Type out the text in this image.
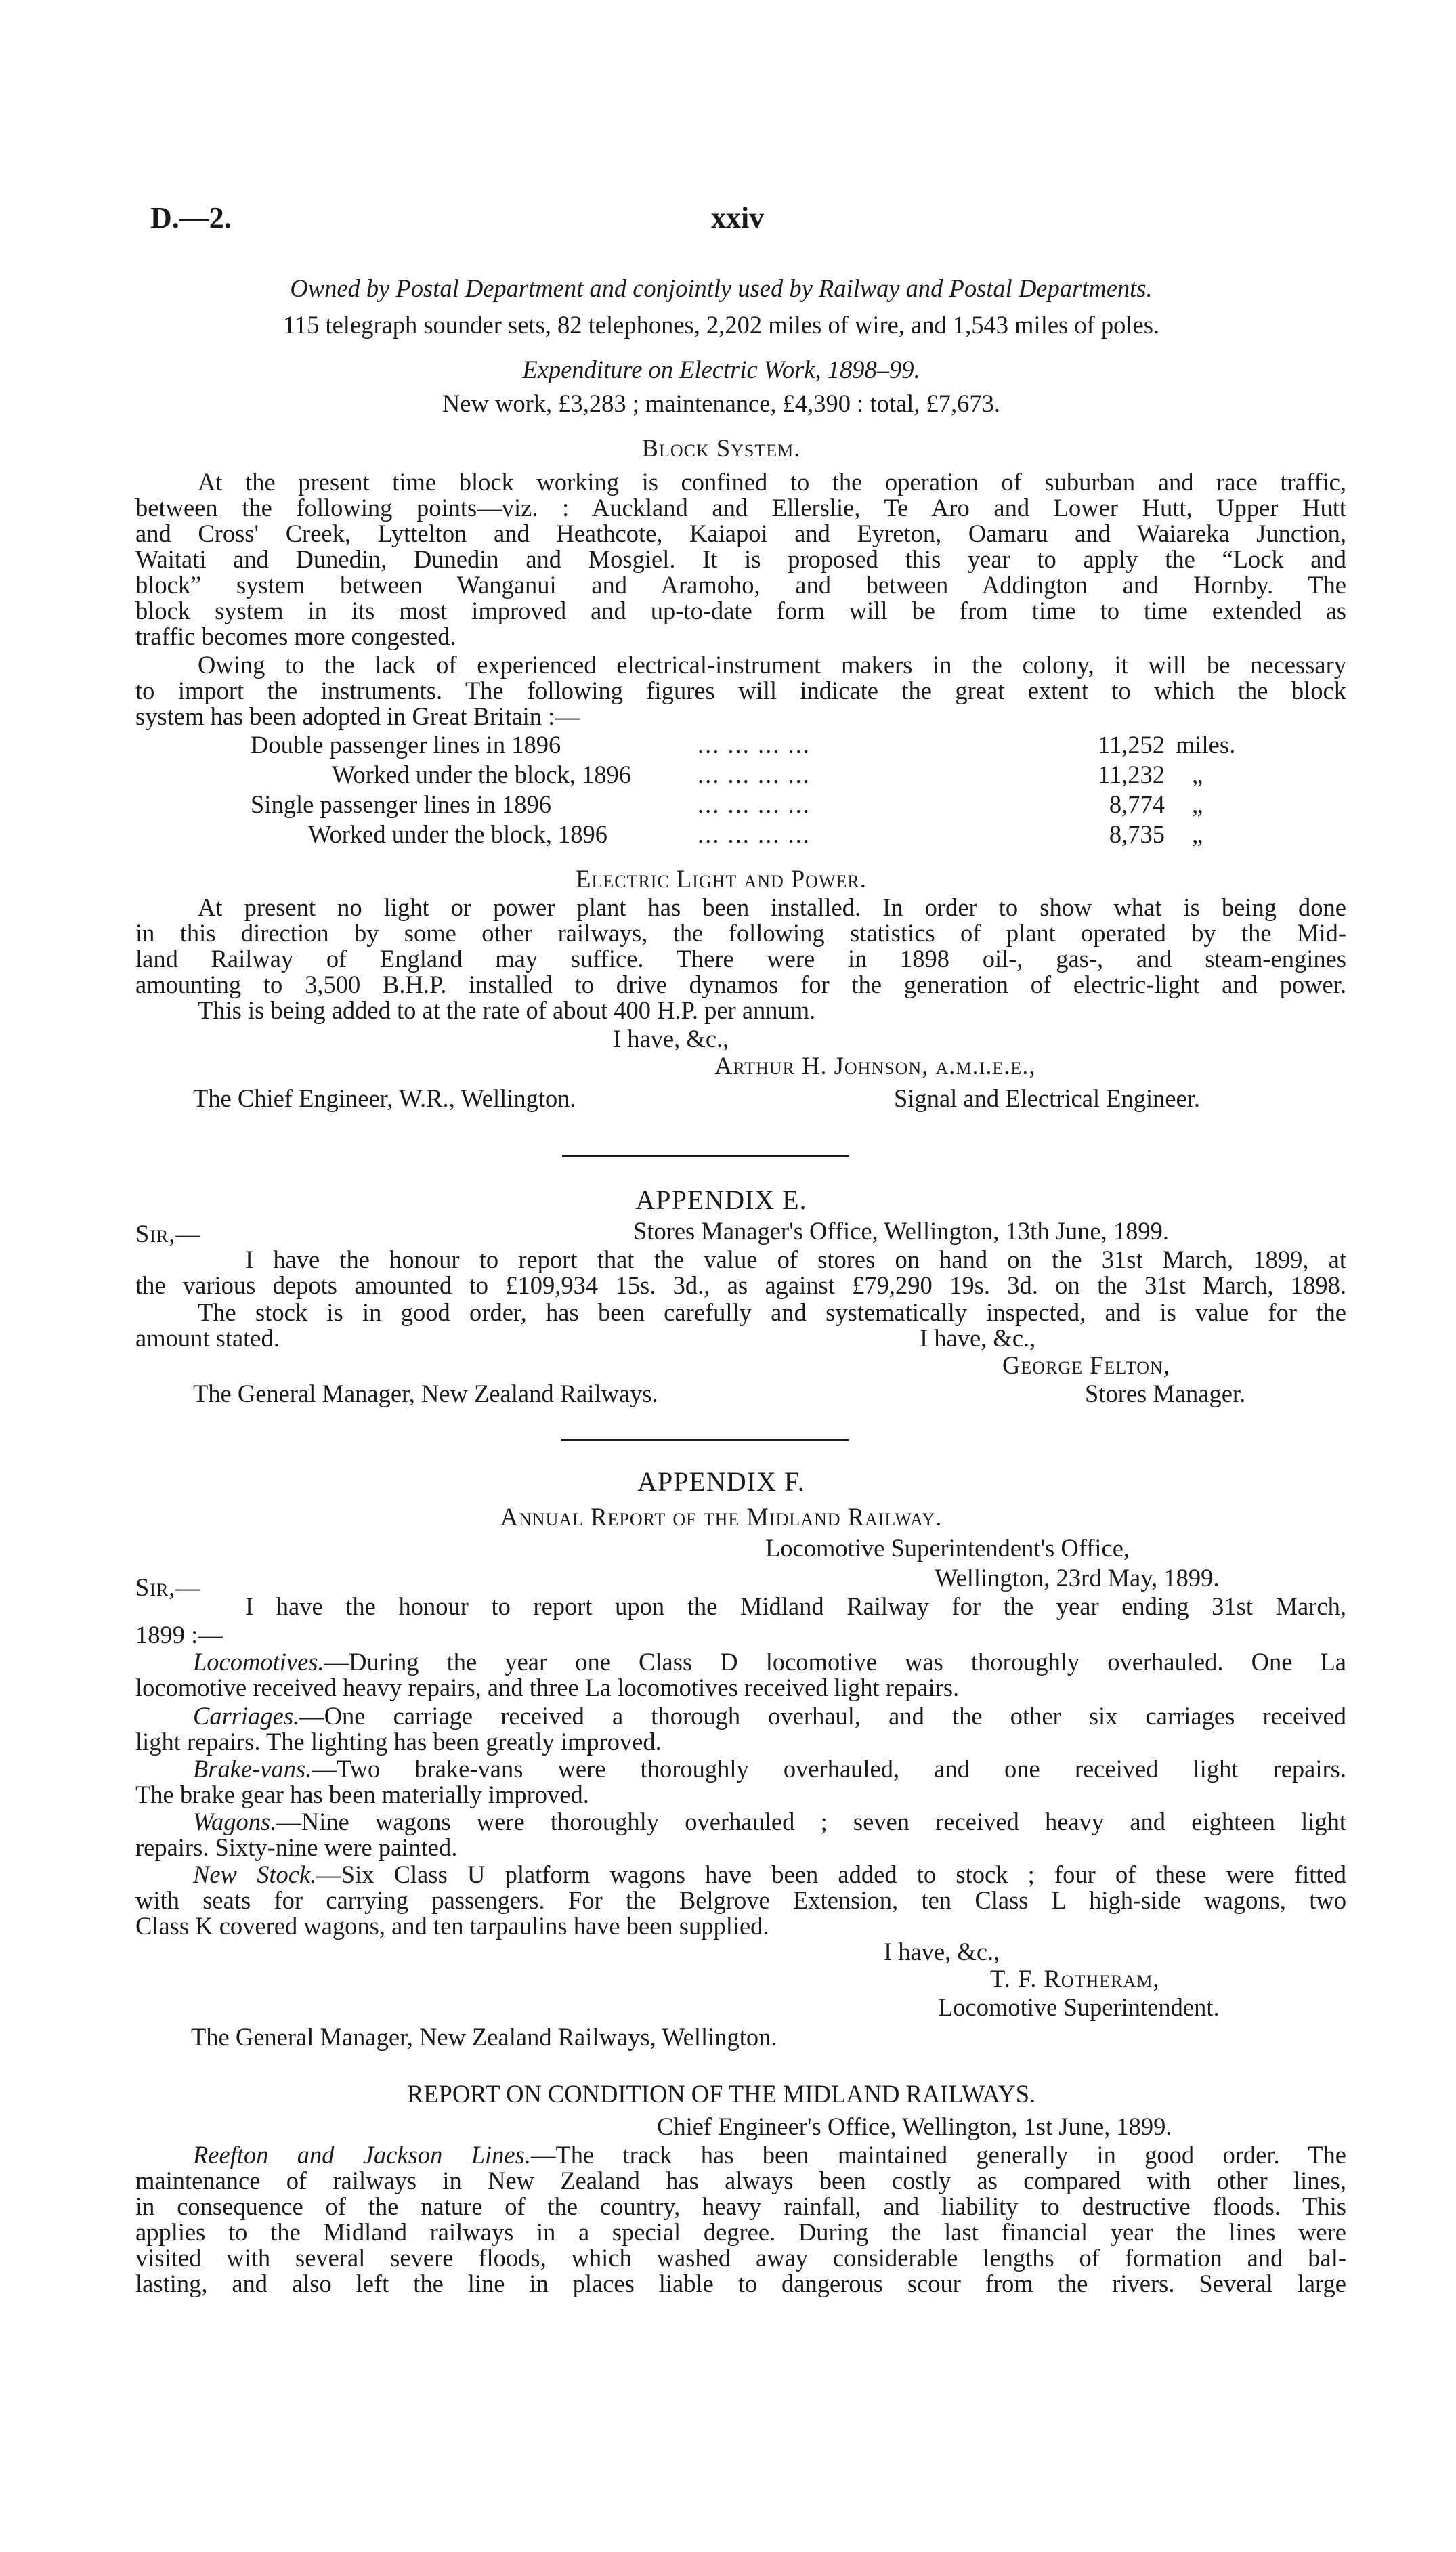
D.—2.	xxiv
Owned by Postal Department and conjointly used by Railway and Postal Departments.
115 telegraph sounder sets, 82 telephones, 2,202 miles of wire, and 1,543 miles of poles.
Expenditure on Electric Work, 1898–99.
New work, £3,283 ; maintenance, £4,390 : total, £7,673.
Block System.
At the present time block working is confined to the operation of suburban and race traffic,
between the following points—viz. : Auckland and Ellerslie, Te Aro and Lower Hutt, Upper Hutt
and Cross' Creek, Lyttelton and Heathcote, Kaiapoi and Eyreton, Oamaru and Waiareka Junction,
Waitati and Dunedin, Dunedin and Mosgiel. It is proposed this year to apply the “Lock and
block” system between Wanganui and Aramoho, and between Addington and Hornby. The
block system in its most improved and up-to-date form will be from time to time extended as
traffic becomes more congested.
Owing to the lack of experienced electrical-instrument makers in the colony, it will be necessary
to import the instruments. The following figures will indicate the great extent to which the block
system has been adopted in Great Britain :—
Double passenger lines in 1896	... ... ... ...	11,252 miles.
Worked under the block, 1896	... ... ... ...	11,232 „
Single passenger lines in 1896	... ... ... ...	8,774 „
Worked under the block, 1896	... ... ... ...	8,735 „
Electric Light and Power.
At present no light or power plant has been installed. In order to show what is being done
in this direction by some other railways, the following statistics of plant operated by the Mid-
land Railway of England may suffice. There were in 1898 oil-, gas-, and steam-engines
amounting to 3,500 B.H.P. installed to drive dynamos for the generation of electric-light and power.
This is being added to at the rate of about 400 H.P. per annum.
I have, &c.,
Arthur H. Johnson, a.m.i.e.e.,
The Chief Engineer, W.R., Wellington.	Signal and Electrical Engineer.
APPENDIX E.
Sir,—	Stores Manager's Office, Wellington, 13th June, 1899.
I have the honour to report that the value of stores on hand on the 31st March, 1899, at
the various depots amounted to £109,934 15s. 3d., as against £79,290 19s. 3d. on the 31st March, 1898.
The stock is in good order, has been carefully and systematically inspected, and is value for the
amount stated.	I have, &c.,
George Felton,
The General Manager, New Zealand Railways.	Stores Manager.
APPENDIX F.
Annual Report of the Midland Railway.
Locomotive Superintendent's Office,
Sir,—	Wellington, 23rd May, 1899.
I have the honour to report upon the Midland Railway for the year ending 31st March,
1899 :—
Locomotives.—During the year one Class D locomotive was thoroughly overhauled. One La
locomotive received heavy repairs, and three La locomotives received light repairs.
Carriages.—One carriage received a thorough overhaul, and the other six carriages received
light repairs. The lighting has been greatly improved.
Brake-vans.—Two brake-vans were thoroughly overhauled, and one received light repairs.
The brake gear has been materially improved.
Wagons.—Nine wagons were thoroughly overhauled ; seven received heavy and eighteen light
repairs. Sixty-nine were painted.
New Stock.—Six Class U platform wagons have been added to stock ; four of these were fitted
with seats for carrying passengers. For the Belgrove Extension, ten Class L high-side wagons, two
Class K covered wagons, and ten tarpaulins have been supplied.
I have, &c.,
T. F. Rotheram,
Locomotive Superintendent.
The General Manager, New Zealand Railways, Wellington.
REPORT ON CONDITION OF THE MIDLAND RAILWAYS.
Chief Engineer's Office, Wellington, 1st June, 1899.
Reefton and Jackson Lines.—The track has been maintained generally in good order. The
maintenance of railways in New Zealand has always been costly as compared with other lines,
in consequence of the nature of the country, heavy rainfall, and liability to destructive floods. This
applies to the Midland railways in a special degree. During the last financial year the lines were
visited with several severe floods, which washed away considerable lengths of formation and bal-
lasting, and also left the line in places liable to dangerous scour from the rivers. Several large
